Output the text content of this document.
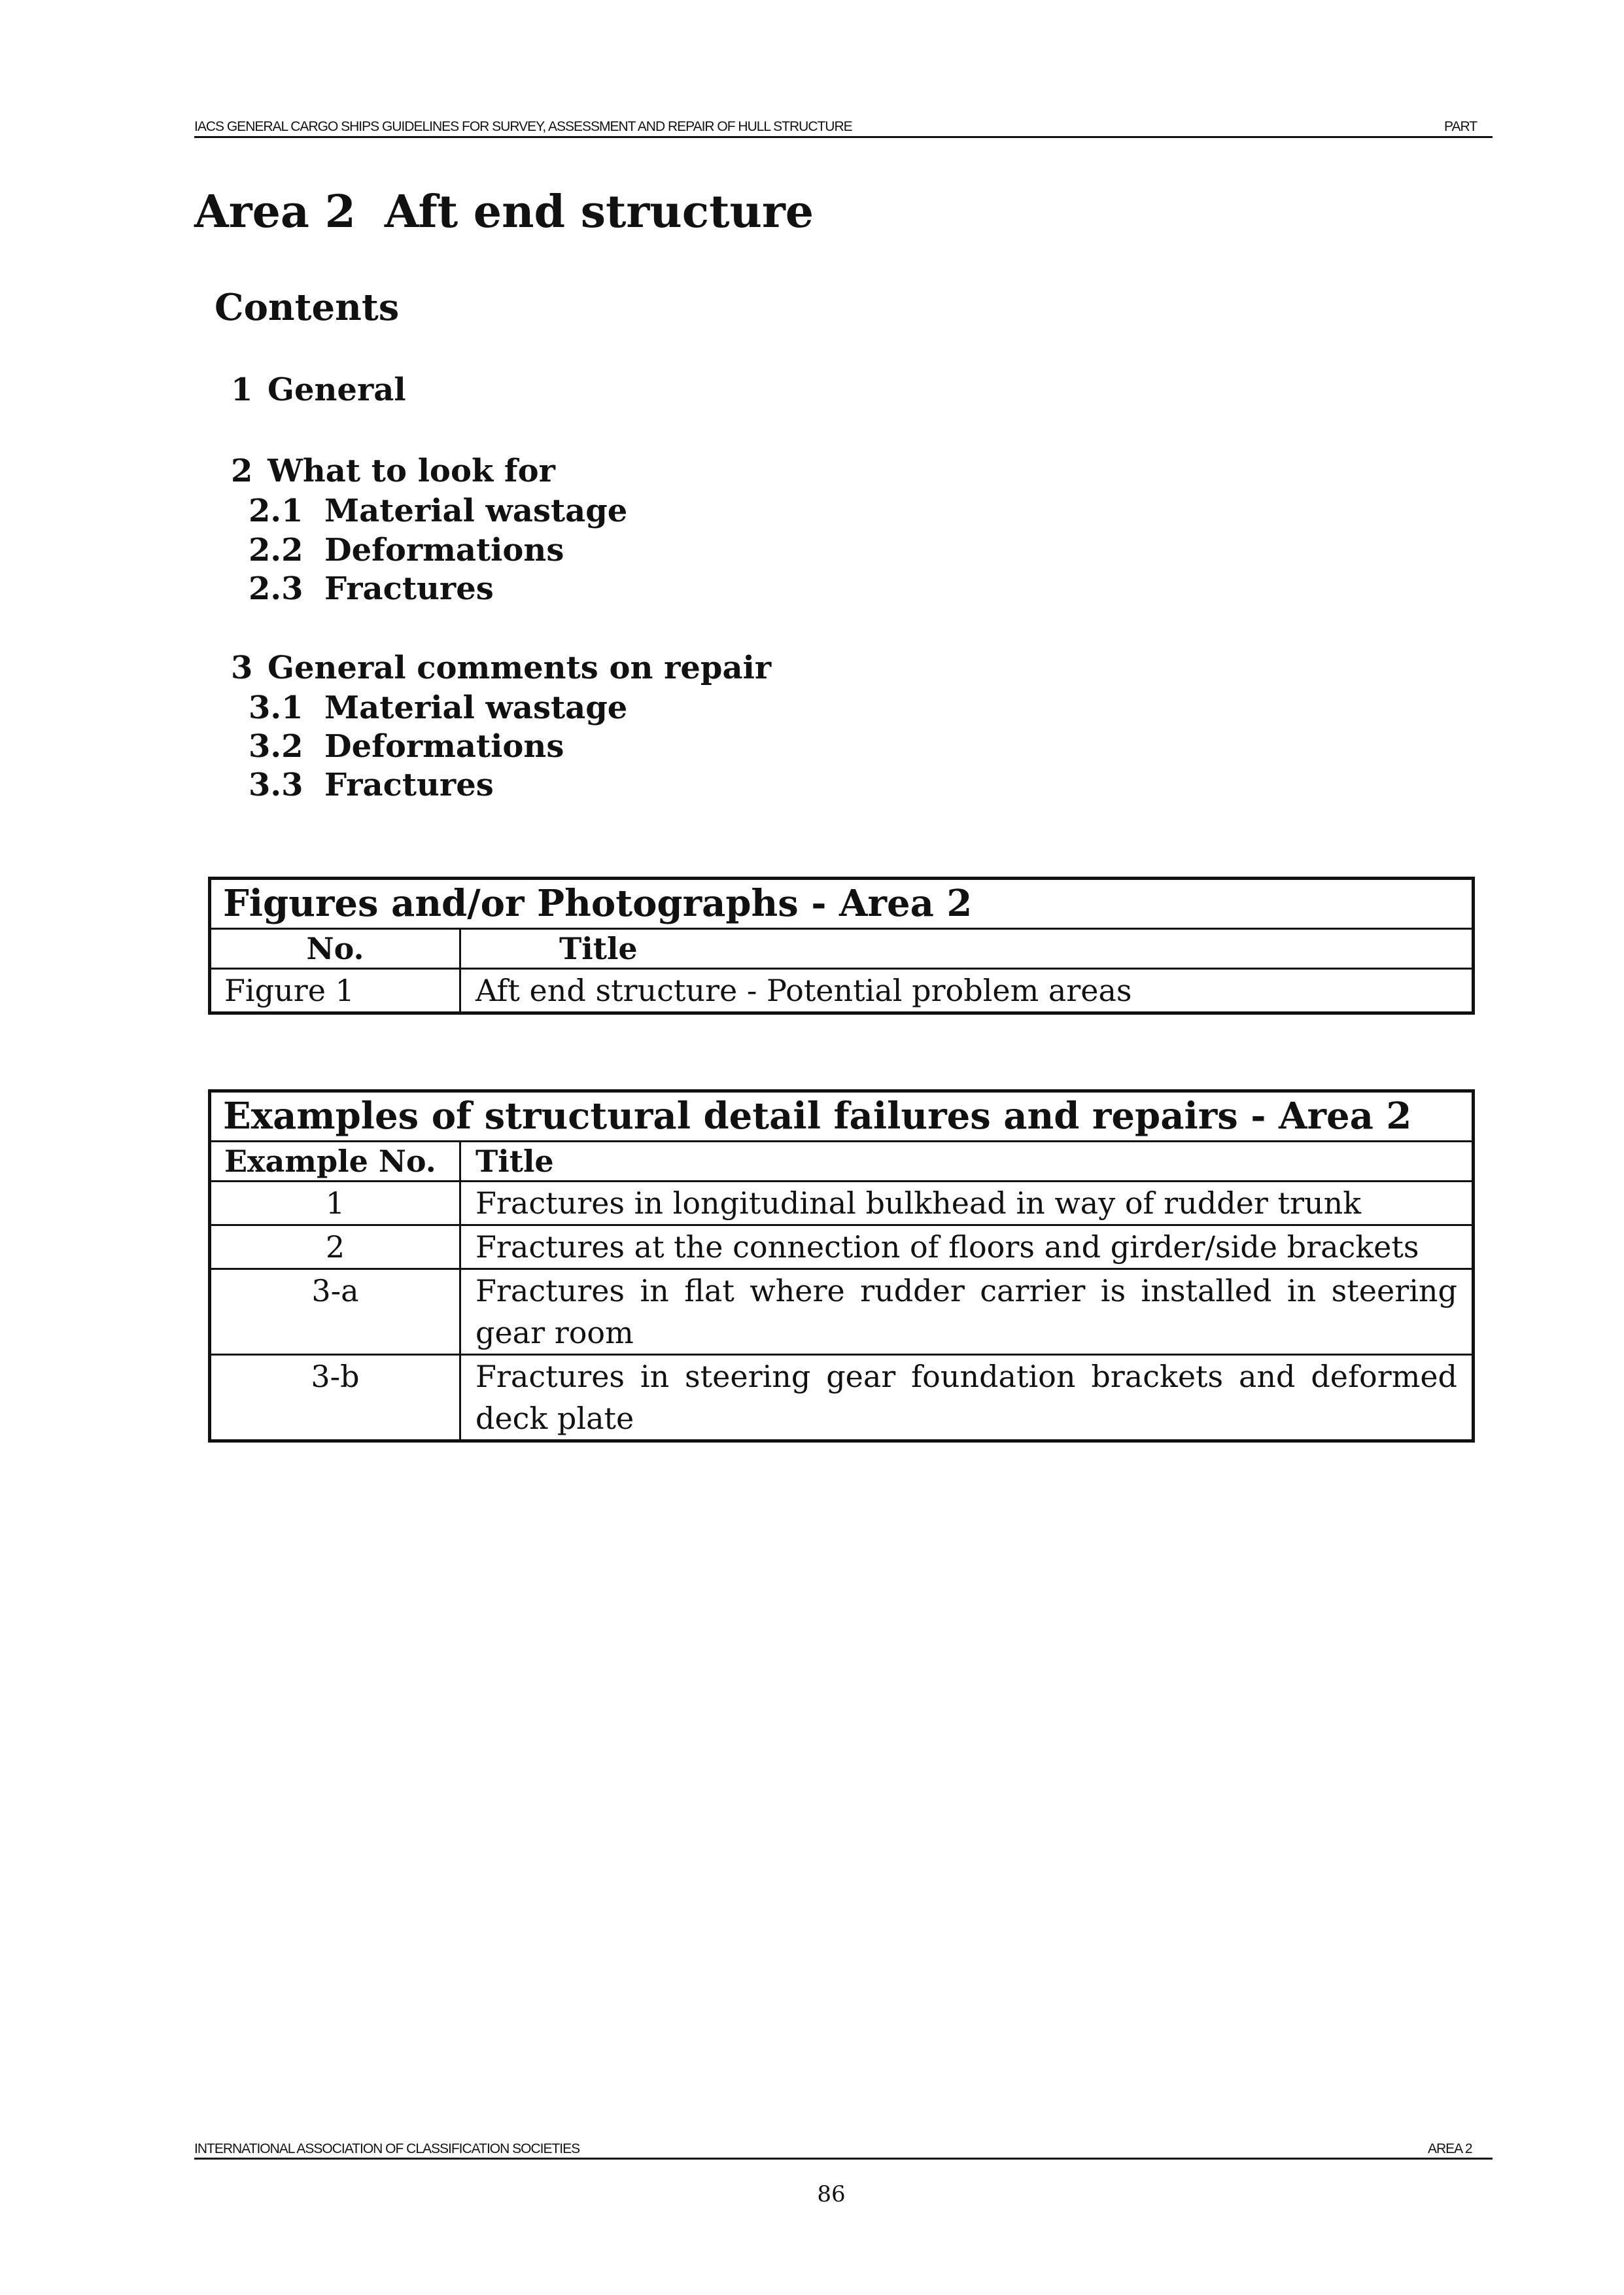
IACS GENERAL CARGO SHIPS GUIDELINES FOR SURVEY, ASSESSMENT AND REPAIR OF HULL STRUCTURE	PART
Area 2 Aft end structure
Contents
1 General
2 What to look for
2.1 Material wastage
2.2 Deformations
2.3 Fractures
3 General comments on repair
3.1 Material wastage
3.2 Deformations
3.3 Fractures
Figures and/or Photographs - Area 2	
No.	Title
Figure 1	Aft end structure - Potential problem areas
Examples of structural detail failures and repairs - Area 2	
Example No.	Title
1	Fractures in longitudinal bulkhead in way of rudder trunk
2	Fractures at the connection of floors and girder/side brackets
3-a	Fractures in flat where rudder carrier is installed in steering gear room
3-b	Fractures in steering gear foundation brackets and deformed deck plate
INTERNATIONAL ASSOCIATION OF CLASSIFICATION SOCIETIES	AREA 2
86
